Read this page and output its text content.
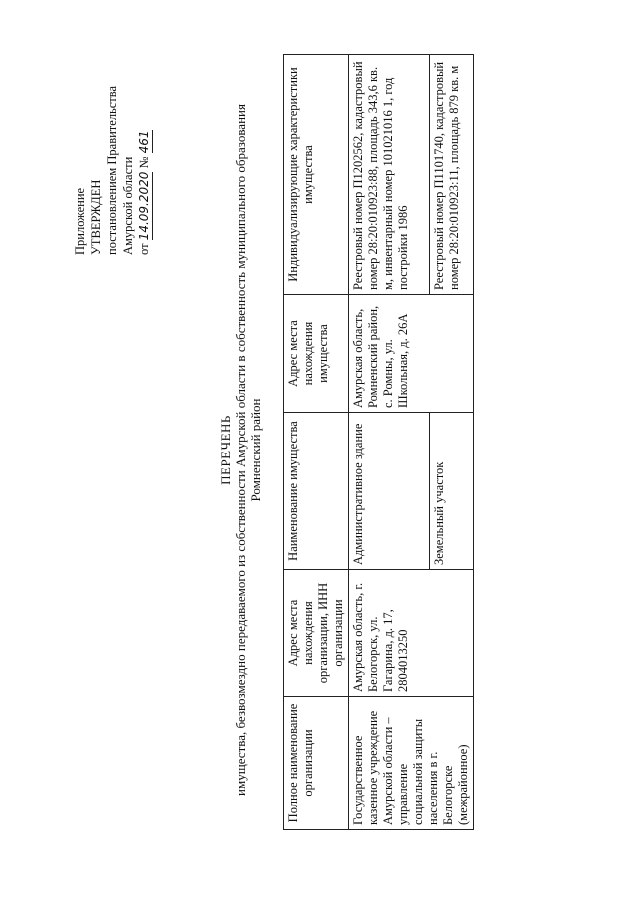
Приложение УТВЕРЖДЕН постановлением Правительства Амурской области от 14.09.2020 № 461
ПЕРЕЧЕНЬ имущества, безвозмездно передаваемого из собственности Амурской области в собственность муниципального образования Ромненский район
Полное наименование организации	Адрес места нахождения организации, ИНН организации	Наименование имущества	Адрес места нахождения имущества	Индивидуализирующие характеристики имущества
Государственное казенное учреждение Амурской области – управление социальной защиты населения в г. Белогорске (межрайонное)	Амурская область, г. Белогорск, ул. Гагарина, д. 17, 2804013250	Административное здание	Амурская область, Ромненский район, с. Ромны, ул. Школьная, д. 26А	Реестровый номер П1202562, кадастровый номер 28:20:010923:88, площадь 343,6 кв. м, инвентарный номер 101021016 1, год постройки 1986
		Земельный участок		Реестровый номер П1101740, кадастровый номер 28:20:010923:11, площадь 879 кв. м
